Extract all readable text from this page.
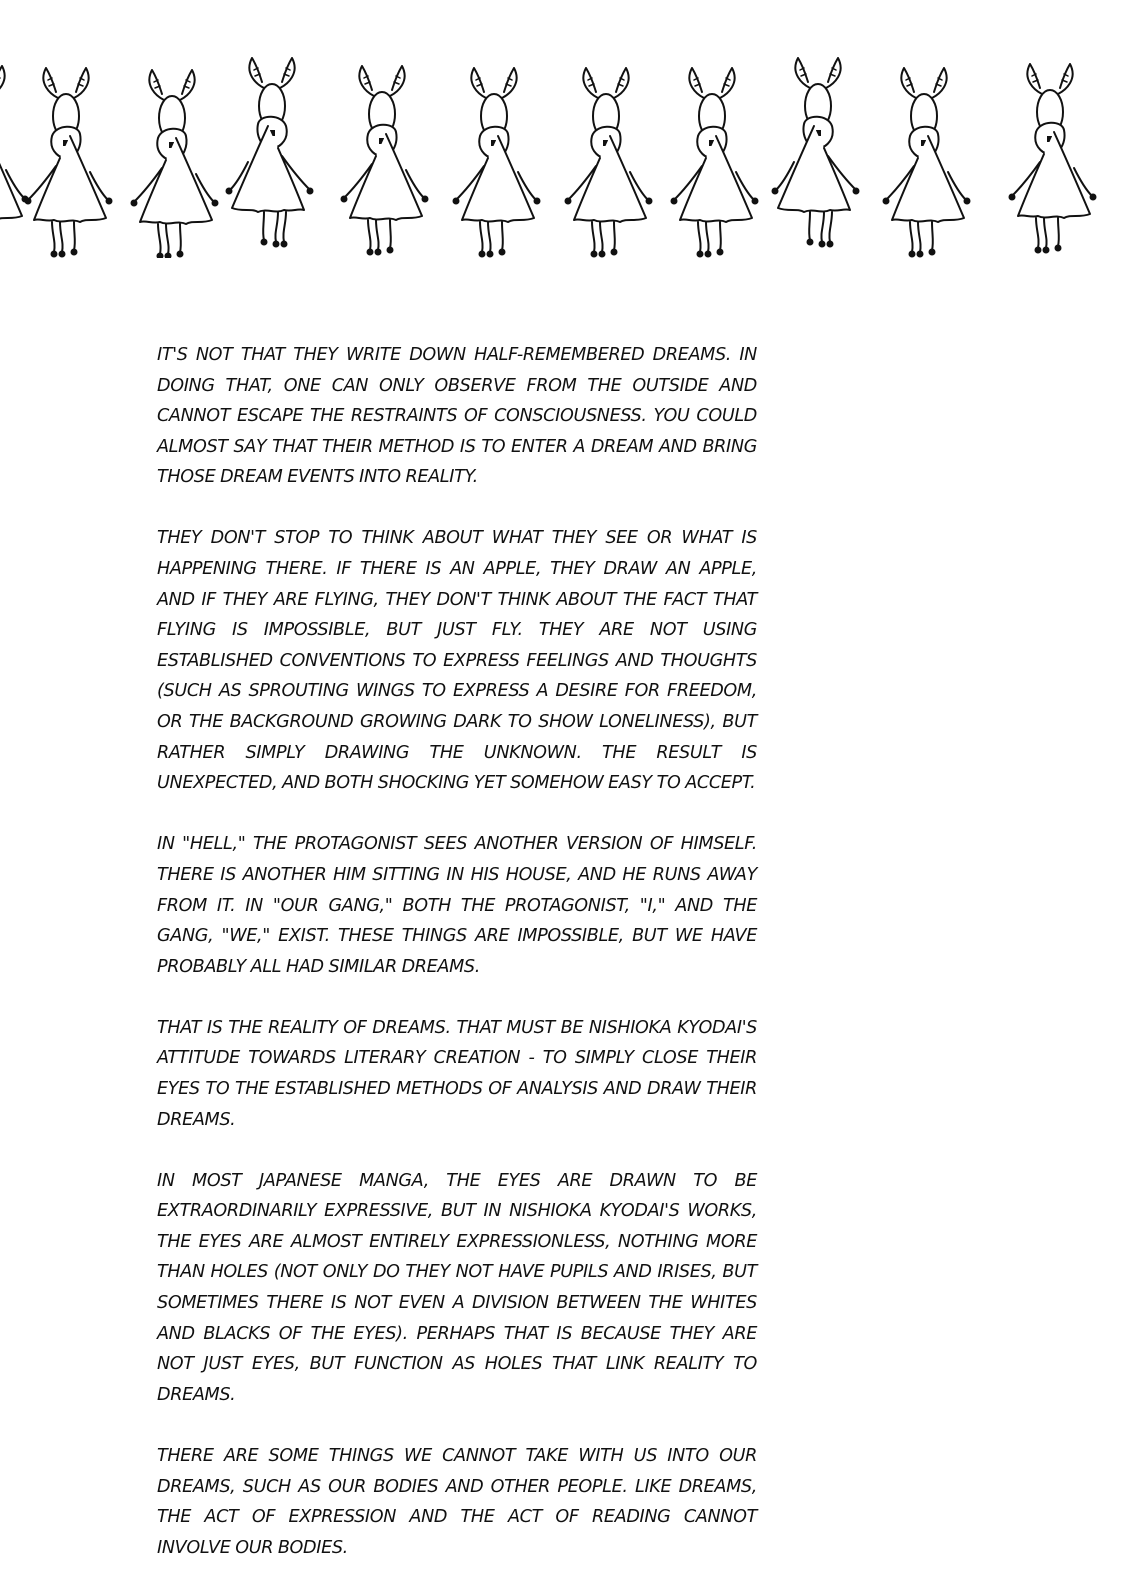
IT'S NOT THAT THEY WRITE DOWN HALF-REMEMBERED DREAMS. IN DOING THAT, ONE CAN ONLY OBSERVE FROM THE OUTSIDE AND CANNOT ESCAPE THE RESTRAINTS OF CONSCIOUSNESS. YOU COULD ALMOST SAY THAT THEIR METHOD IS TO ENTER A DREAM AND BRING THOSE DREAM EVENTS INTO REALITY.

THEY DON'T STOP TO THINK ABOUT WHAT THEY SEE OR WHAT IS HAPPENING THERE. IF THERE IS AN APPLE, THEY DRAW AN APPLE, AND IF THEY ARE FLYING, THEY DON'T THINK ABOUT THE FACT THAT FLYING IS IMPOSSIBLE, BUT JUST FLY. THEY ARE NOT USING ESTABLISHED CONVENTIONS TO EXPRESS FEELINGS AND THOUGHTS (SUCH AS SPROUTING WINGS TO EXPRESS A DESIRE FOR FREEDOM, OR THE BACKGROUND GROWING DARK TO SHOW LONELINESS), BUT RATHER SIMPLY DRAWING THE UNKNOWN. THE RESULT IS UNEXPECTED, AND BOTH SHOCKING YET SOMEHOW EASY TO ACCEPT.

IN "HELL," THE PROTAGONIST SEES ANOTHER VERSION OF HIMSELF. THERE IS ANOTHER HIM SITTING IN HIS HOUSE, AND HE RUNS AWAY FROM IT. IN "OUR GANG," BOTH THE PROTAGONIST, "I," AND THE GANG, "WE," EXIST. THESE THINGS ARE IMPOSSIBLE, BUT WE HAVE PROBABLY ALL HAD SIMILAR DREAMS.

THAT IS THE REALITY OF DREAMS. THAT MUST BE NISHIOKA KYODAI'S ATTITUDE TOWARDS LITERARY CREATION - TO SIMPLY CLOSE THEIR EYES TO THE ESTABLISHED METHODS OF ANALYSIS AND DRAW THEIR DREAMS.

IN MOST JAPANESE MANGA, THE EYES ARE DRAWN TO BE EXTRAORDINARILY EXPRESSIVE, BUT IN NISHIOKA KYODAI'S WORKS, THE EYES ARE ALMOST ENTIRELY EXPRESSIONLESS, NOTHING MORE THAN HOLES (NOT ONLY DO THEY NOT HAVE PUPILS AND IRISES, BUT SOMETIMES THERE IS NOT EVEN A DIVISION BETWEEN THE WHITES AND BLACKS OF THE EYES). PERHAPS THAT IS BECAUSE THEY ARE NOT JUST EYES, BUT FUNCTION AS HOLES THAT LINK REALITY TO DREAMS.

THERE ARE SOME THINGS WE CANNOT TAKE WITH US INTO OUR DREAMS, SUCH AS OUR BODIES AND OTHER PEOPLE. LIKE DREAMS, THE ACT OF EXPRESSION AND THE ACT OF READING CANNOT INVOLVE OUR BODIES.
